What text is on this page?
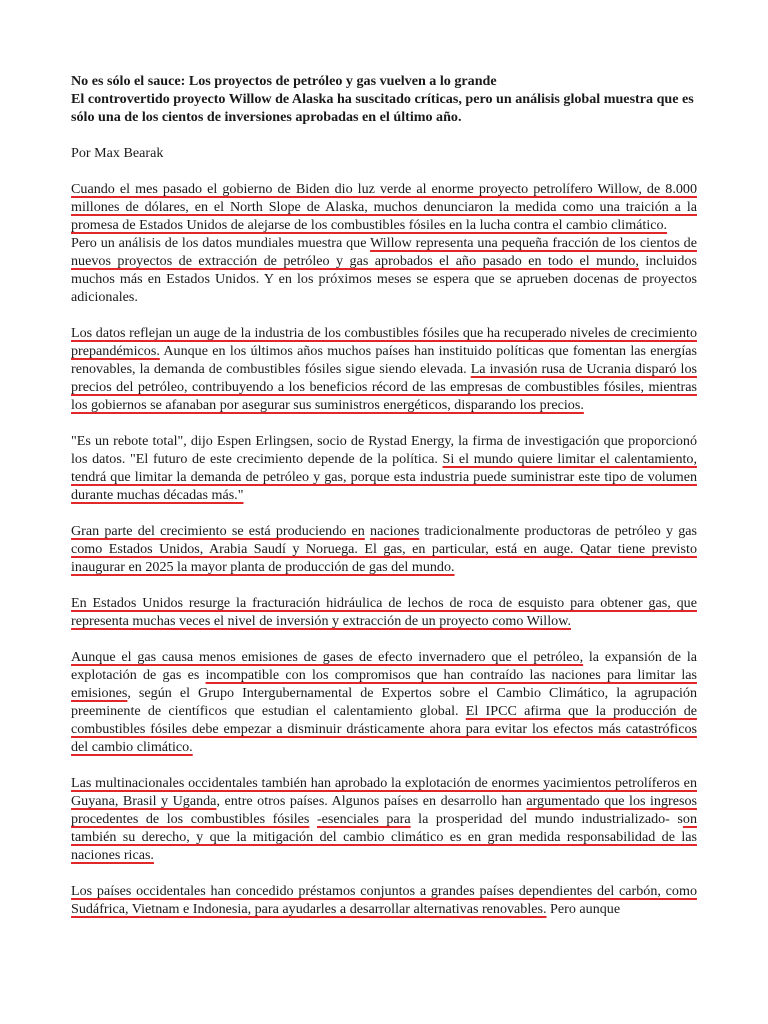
No es sólo el sauce: Los proyectos de petróleo y gas vuelven a lo grande

El controvertido proyecto Willow de Alaska ha suscitado críticas, pero un análisis global muestra que es sólo una de los cientos de inversiones aprobadas en el último año.

Por Max Bearak

Cuando el mes pasado el gobierno de Biden dio luz verde al enorme proyecto petrolífero Willow, de 8.000 millones de dólares, en el North Slope de Alaska, muchos denunciaron la medida como una traición a la promesa de Estados Unidos de alejarse de los combustibles fósiles en la lucha contra el cambio climático.

Pero un análisis de los datos mundiales muestra que Willow representa una pequeña fracción de los cientos de nuevos proyectos de extracción de petróleo y gas aprobados el año pasado en todo el mundo, incluidos muchos más en Estados Unidos. Y en los próximos meses se espera que se aprueben docenas de proyectos adicionales.

Los datos reflejan un auge de la industria de los combustibles fósiles que ha recuperado niveles de crecimiento prepandémicos. Aunque en los últimos años muchos países han instituido políticas que fomentan las energías renovables, la demanda de combustibles fósiles sigue siendo elevada. La invasión rusa de Ucrania disparó los precios del petróleo, contribuyendo a los beneficios récord de las empresas de combustibles fósiles, mientras los gobiernos se afanaban por asegurar sus suministros energéticos, disparando los precios.

"Es un rebote total", dijo Espen Erlingsen, socio de Rystad Energy, la firma de investigación que proporcionó los datos. "El futuro de este crecimiento depende de la política. Si el mundo quiere limitar el calentamiento, tendrá que limitar la demanda de petróleo y gas, porque esta industria puede suministrar este tipo de volumen durante muchas décadas más."

Gran parte del crecimiento se está produciendo en naciones tradicionalmente productoras de petróleo y gas como Estados Unidos, Arabia Saudí y Noruega. El gas, en particular, está en auge. Qatar tiene previsto inaugurar en 2025 la mayor planta de producción de gas del mundo.

En Estados Unidos resurge la fracturación hidráulica de lechos de roca de esquisto para obtener gas, que representa muchas veces el nivel de inversión y extracción de un proyecto como Willow.

Aunque el gas causa menos emisiones de gases de efecto invernadero que el petróleo, la expansión de la explotación de gas es incompatible con los compromisos que han contraído las naciones para limitar las emisiones, según el Grupo Intergubernamental de Expertos sobre el Cambio Climático, la agrupación preeminente de científicos que estudian el calentamiento global. El IPCC afirma que la producción de combustibles fósiles debe empezar a disminuir drásticamente ahora para evitar los efectos más catastróficos del cambio climático.

Las multinacionales occidentales también han aprobado la explotación de enormes yacimientos petrolíferos en Guyana, Brasil y Uganda, entre otros países. Algunos países en desarrollo han argumentado que los ingresos procedentes de los combustibles fósiles -esenciales para la prosperidad del mundo industrializado- son también su derecho, y que la mitigación del cambio climático es en gran medida responsabilidad de las naciones ricas.

Los países occidentales han concedido préstamos conjuntos a grandes países dependientes del carbón, como Sudáfrica, Vietnam e Indonesia, para ayudarles a desarrollar alternativas renovables. Pero aunque
